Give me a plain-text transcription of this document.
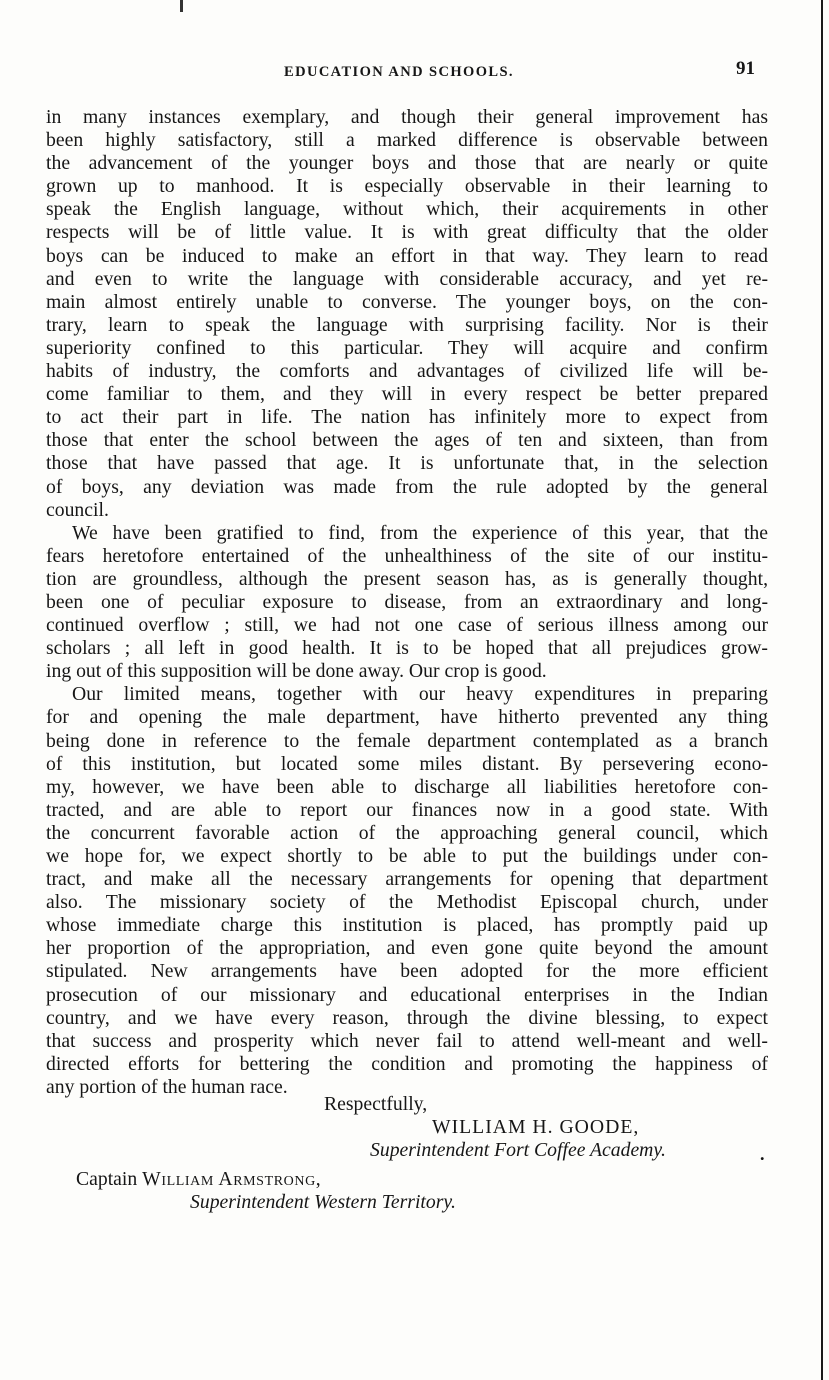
EDUCATION AND SCHOOLS.	91
in many instances exemplary, and though their general improvement has
been highly satisfactory, still a marked difference is observable between
the advancement of the younger boys and those that are nearly or quite
grown up to manhood. It is especially observable in their learning to
speak the English language, without which, their acquirements in other
respects will be of little value. It is with great difficulty that the older
boys can be induced to make an effort in that way. They learn to read
and even to write the language with considerable accuracy, and yet re-
main almost entirely unable to converse. The younger boys, on the con-
trary, learn to speak the language with surprising facility. Nor is their
superiority confined to this particular. They will acquire and confirm
habits of industry, the comforts and advantages of civilized life will be-
come familiar to them, and they will in every respect be better prepared
to act their part in life. The nation has infinitely more to expect from
those that enter the school between the ages of ten and sixteen, than from
those that have passed that age. It is unfortunate that, in the selection
of boys, any deviation was made from the rule adopted by the general
council.
We have been gratified to find, from the experience of this year, that the
fears heretofore entertained of the unhealthiness of the site of our institu-
tion are groundless, although the present season has, as is generally thought,
been one of peculiar exposure to disease, from an extraordinary and long-
continued overflow ; still, we had not one case of serious illness among our
scholars ; all left in good health. It is to be hoped that all prejudices grow-
ing out of this supposition will be done away. Our crop is good.
Our limited means, together with our heavy expenditures in preparing
for and opening the male department, have hitherto prevented any thing
being done in reference to the female department contemplated as a branch
of this institution, but located some miles distant. By persevering econo-
my, however, we have been able to discharge all liabilities heretofore con-
tracted, and are able to report our finances now in a good state. With
the concurrent favorable action of the approaching general council, which
we hope for, we expect shortly to be able to put the buildings under con-
tract, and make all the necessary arrangements for opening that department
also. The missionary society of the Methodist Episcopal church, under
whose immediate charge this institution is placed, has promptly paid up
her proportion of the appropriation, and even gone quite beyond the amount
stipulated. New arrangements have been adopted for the more efficient
prosecution of our missionary and educational enterprises in the Indian
country, and we have every reason, through the divine blessing, to expect
that success and prosperity which never fail to attend well-meant and well-
directed efforts for bettering the condition and promoting the happiness of
any portion of the human race.
Respectfully,
WILLIAM H. GOODE,
Superintendent Fort Coffee Academy.	.
Captain William Armstrong,
Superintendent Western Territory.
